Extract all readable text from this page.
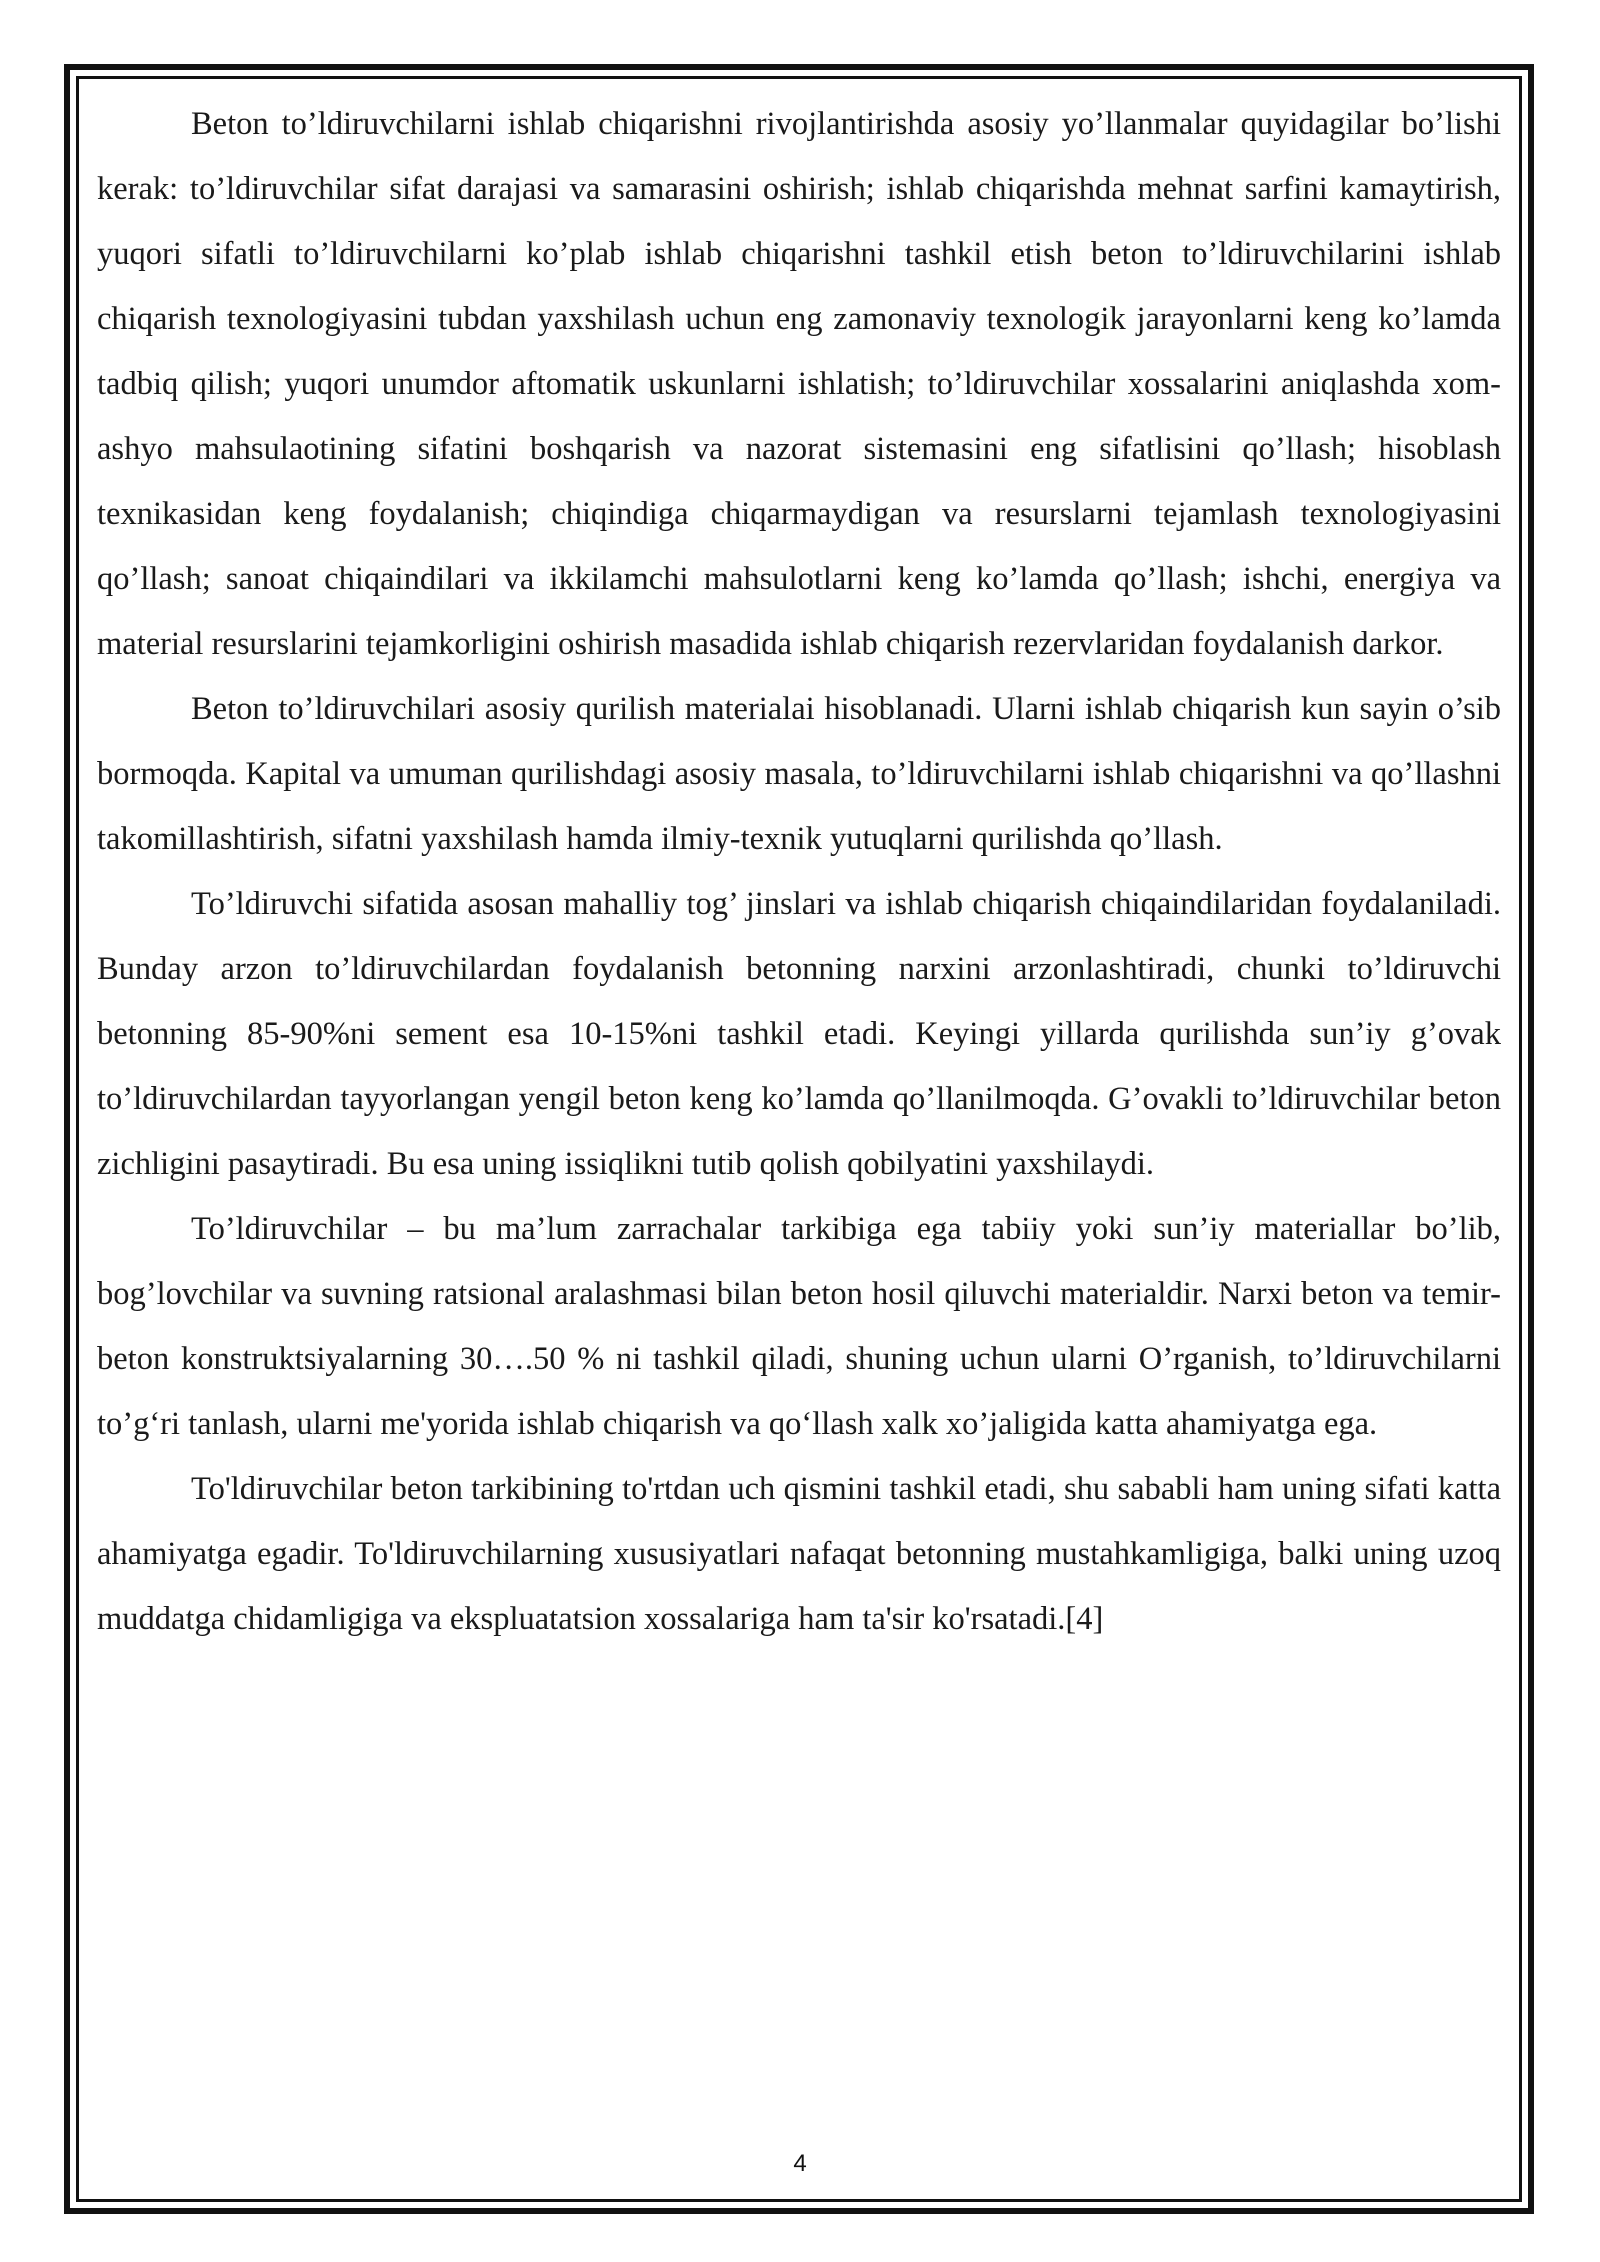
Beton to’ldiruvchilarni ishlab chiqarishni rivojlantirishda asosiy yo’llanmalar quyidagilar bo’lishi kerak: to’ldiruvchilar sifat darajasi va samarasini oshirish; ishlab chiqarishda mehnat sarfini kamaytirish, yuqori sifatli to’ldiruvchilarni ko’plab ishlab chiqarishni tashkil etish beton to’ldiruvchilarini ishlab chiqarish texnologiyasini tubdan yaxshilash uchun eng zamonaviy texnologik jarayonlarni keng ko’lamda tadbiq qilish; yuqori unumdor aftomatik uskunlarni ishlatish; to’ldiruvchilar xossalarini aniqlashda xom-ashyo mahsulaotining sifatini boshqarish va nazorat sistemasini eng sifatlisini qo’llash; hisoblash texnikasidan keng foydalanish; chiqindiga chiqarmaydigan va resurslarni tejamlash texnologiyasini qo’llash; sanoat chiqaindilari va ikkilamchi mahsulotlarni keng ko’lamda qo’llash; ishchi, energiya va material resurslarini tejamkorligini oshirish masadida ishlab chiqarish rezervlaridan foydalanish darkor.

Beton to’ldiruvchilari asosiy qurilish materialai hisoblanadi. Ularni ishlab chiqarish kun sayin o’sib bormoqda. Kapital va umuman qurilishdagi asosiy masala, to’ldiruvchilarni ishlab chiqarishni va qo’llashni takomillashtirish, sifatni yaxshilash hamda ilmiy-texnik yutuqlarni qurilishda qo’llash.

To’ldiruvchi sifatida asosan mahalliy tog’ jinslari va ishlab chiqarish chiqaindilaridan foydalaniladi. Bunday arzon to’ldiruvchilardan foydalanish betonning narxini arzonlashtiradi, chunki to’ldiruvchi betonning 85-90%ni sement esa 10-15%ni tashkil etadi. Keyingi yillarda qurilishda sun’iy g’ovak to’ldiruvchilardan tayyorlangan yengil beton keng ko’lamda qo’llanilmoqda. G’ovakli to’ldiruvchilar beton zichligini pasaytiradi. Bu esa uning issiqlikni tutib qolish qobilyatini yaxshilaydi.

To’ldiruvchilar – bu ma’lum zarrachalar tarkibiga ega tabiiy yoki sun’iy materiallar bo’lib, bog’lovchilar va suvning ratsional aralashmasi bilan beton hosil qiluvchi materialdir. Narxi beton va temir-beton konstruktsiyalarning 30….50 % ni tashkil qiladi, shuning uchun ularni O’rganish, to’ldiruvchilarni to’g‘ri tanlash, ularni me'yorida ishlab chiqarish va qo‘llash xalk xo’jaligida katta ahamiyatga ega.

To'ldiruvchilar beton tarkibining to'rtdan uch qismini tashkil etadi, shu sababli ham uning sifati katta ahamiyatga egadir. To'ldiruvchilarning xususiyatlari nafaqat betonning mustahkamligiga, balki uning uzoq muddatga chidamligiga va ekspluatatsion xossalariga ham ta'sir ko'rsatadi.[4]

4
